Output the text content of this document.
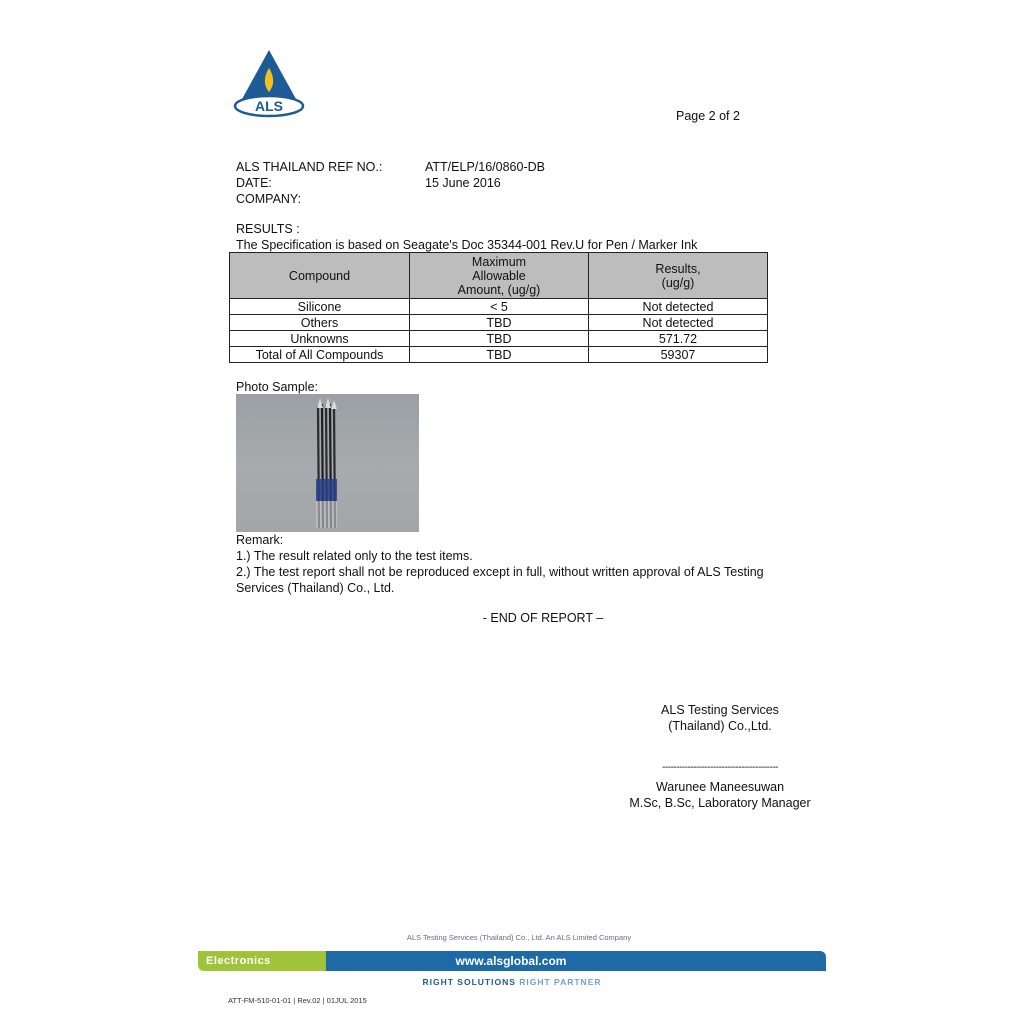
ALS
Page 2 of 2
ALS THAILAND REF NO.:	ATT/ELP/16/0860-DB
DATE:	15 June 2016
COMPANY:
RESULTS :
The Specification is based on Seagate's Doc 35344-001 Rev.U for Pen / Marker Ink
Compound	Maximum Allowable Amount, (ug/g)	Results, (ug/g)
Silicone	< 5	Not detected
Others	TBD	Not detected
Unknowns	TBD	571.72
Total of All Compounds	TBD	59307
Photo Sample:
Remark:
1.) The result related only to the test items.
2.) The test report shall not be reproduced except in full, without written approval of ALS Testing
Services (Thailand) Co., Ltd.
- END OF REPORT –
ALS Testing Services
(Thailand) Co.,Ltd.
-----------------------------------------
Warunee Maneesuwan
M.Sc, B.Sc, Laboratory Manager
ALS Testing Services (Thailand) Co., Ltd. An ALS Limited Company
Electronics	www.alsglobal.com
RIGHT SOLUTIONS RIGHT PARTNER
ATT-FM-510-01-01 | Rev.02 | 01JUL 2015
